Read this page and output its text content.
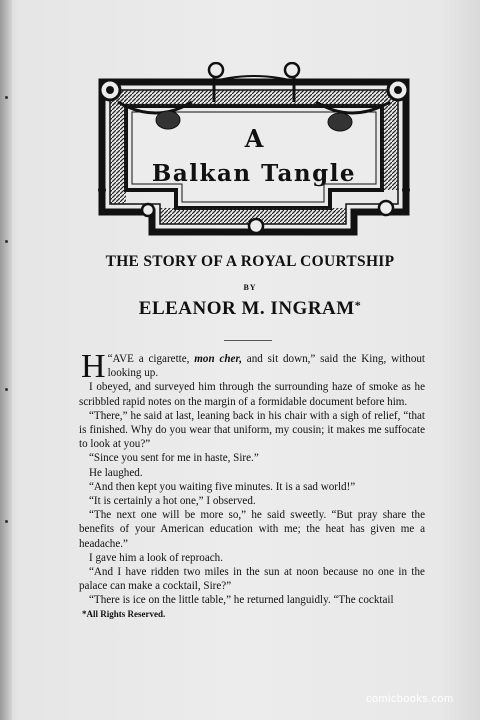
A
Balkan Tangle
THE STORY OF A ROYAL COURTSHIP
BY
ELEANOR M. INGRAM*

“
H AVE a cigarette, mon cher, and sit down,” said the King, without looking up.

I obeyed, and surveyed him through the surrounding haze of smoke as he scribbled rapid notes on the margin of a formidable document before him.

“There,” he said at last, leaning back in his chair with a sigh of relief, “that is finished. Why do you wear that uniform, my cousin; it makes me suffocate to look at you?”

“Since you sent for me in haste, Sire.”

He laughed.

“And then kept you waiting five minutes. It is a sad world!”

“It is certainly a hot one,” I observed.

“The next one will be more so,” he said sweetly. “But pray share the benefits of your American education with me; the heat has given me a headache.”

I gave him a look of reproach.

“And I have ridden two miles in the sun at noon because no one in the palace can make a cocktail, Sire?”

“There is ice on the little table,” he returned languidly. “The cocktail

*All Rights Reserved.
comicbooks.com
